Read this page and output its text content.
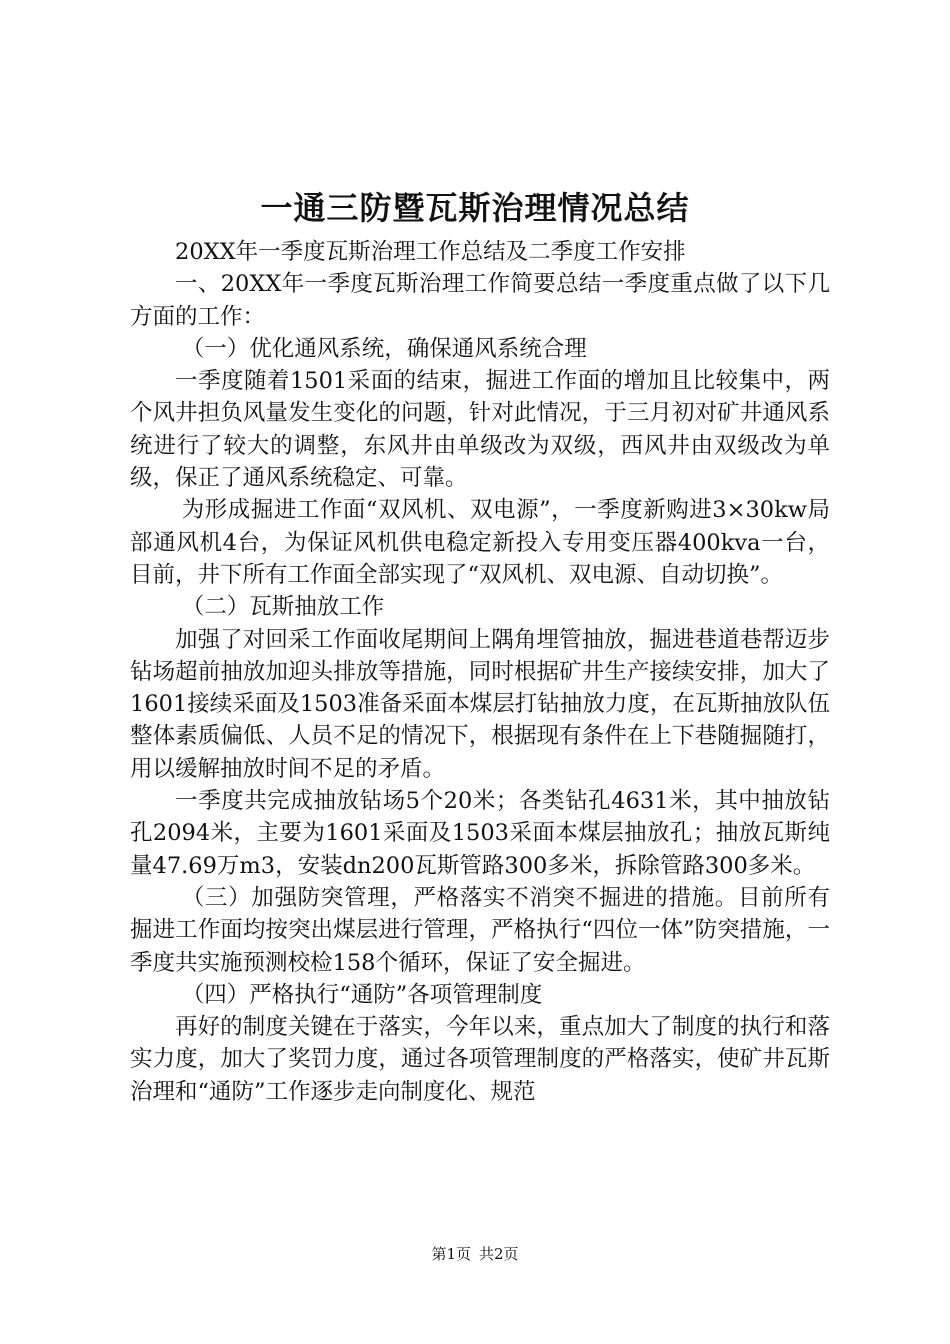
一通三防暨瓦斯治理情况总结

20XX年一季度瓦斯治理工作总结及二季度工作安排

一、20XX年一季度瓦斯治理工作简要总结一季度重点做了以下几方面的工作：

（一）优化通风系统，确保通风系统合理

一季度随着1501采面的结束，掘进工作面的增加且比较集中，两个风井担负风量发生变化的问题，针对此情况，于三月初对矿井通风系统进行了较大的调整，东风井由单级改为双级，西风井由双级改为单级，保正了通风系统稳定、可靠。

为形成掘进工作面“双风机、双电源”，一季度新购进3×30kw局部通风机4台，为保证风机供电稳定新投入专用变压器400kva一台，目前，井下所有工作面全部实现了“双风机、双电源、自动切换”。

（二）瓦斯抽放工作

加强了对回采工作面收尾期间上隅角埋管抽放，掘进巷道巷帮迈步钻场超前抽放加迎头排放等措施，同时根据矿井生产接续安排，加大了1601接续采面及1503准备采面本煤层打钻抽放力度，在瓦斯抽放队伍整体素质偏低、人员不足的情况下，根据现有条件在上下巷随掘随打，用以缓解抽放时间不足的矛盾。

一季度共完成抽放钻场5个20米；各类钻孔4631米，其中抽放钻孔2094米，主要为1601采面及1503采面本煤层抽放孔；抽放瓦斯纯量47.69万m3，安装dn200瓦斯管路300多米，拆除管路300多米。

（三）加强防突管理，严格落实不消突不掘进的措施。目前所有掘进工作面均按突出煤层进行管理，严格执行“四位一体”防突措施，一季度共实施预测校检158个循环，保证了安全掘进。

（四）严格执行“通防”各项管理制度

再好的制度关键在于落实，今年以来，重点加大了制度的执行和落实力度，加大了奖罚力度，通过各项管理制度的严格落实，使矿井瓦斯治理和“通防”工作逐步走向制度化、规范

第1页 共2页
